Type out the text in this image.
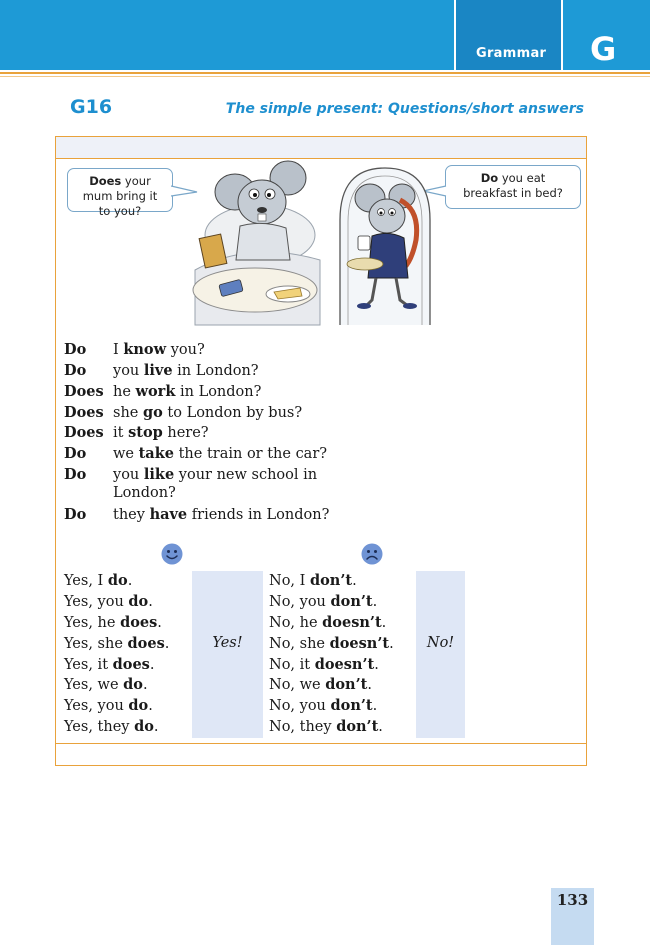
Grammar G
G16	The simple present: Questions/short answers
Does your mum bring it to you?
Do you eat breakfast in bed?
Do I know you?
Do you live in London?
Does he work in London?
Does she go to London by bus?
Does it stop here?
Do we take the train or the car?
Do you like your new school in
London?
Do they have friends in London?
Yes!	No!
Yes, I do.
Yes, you do.
Yes, he does.
Yes, she does.
Yes, it does.
Yes, we do.
Yes, you do.
Yes, they do.
No, I don’t.
No, you don’t.
No, he doesn’t.
No, she doesn’t.
No, it doesn’t.
No, we don’t.
No, you don’t.
No, they don’t.
133
